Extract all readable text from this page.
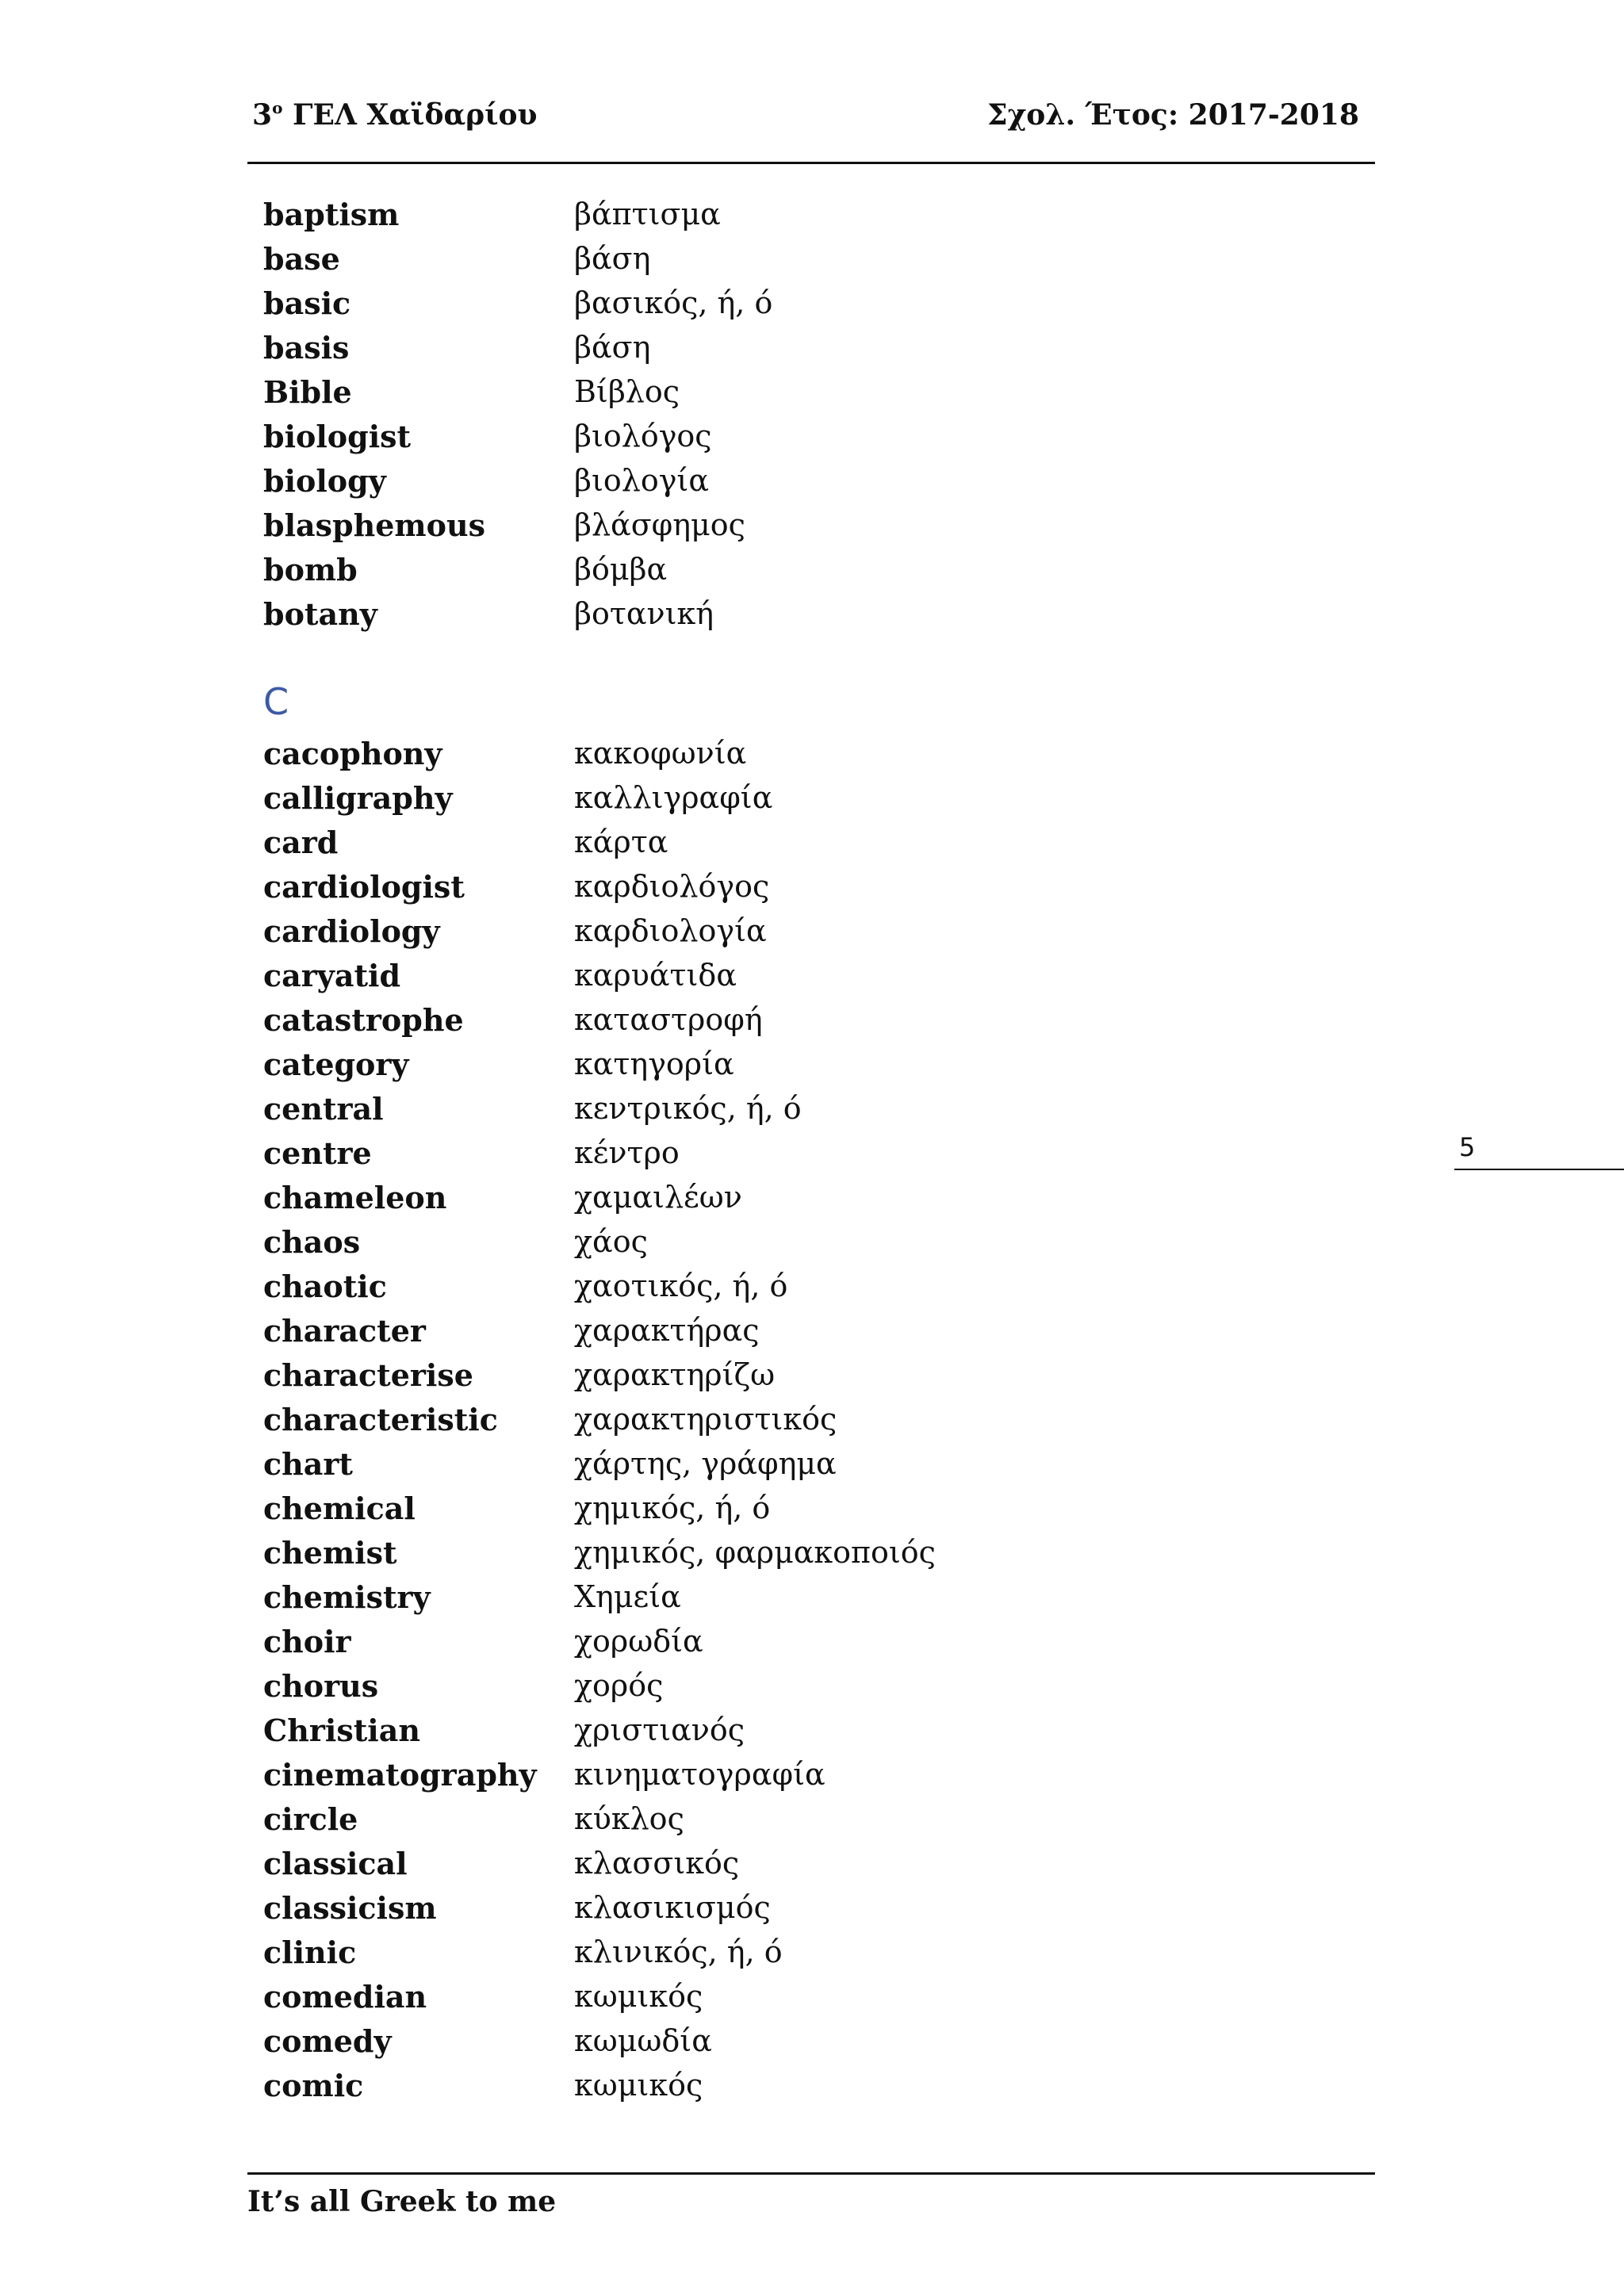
$3^o$ ΓΕΛ Χαϊδαρίου	Σχολ. Έτος: 2017-2018
baptism	βάπτισμα
base	βάση
basic	βασικός, ή, ό
basis	βάση
Bible	Βίβλος
biologist	βιολόγος
biology	βιολογία
blasphemous	βλάσφημος
bomb	βόμβα
botany	βοτανική
C
cacophony	κακοφωνία
calligraphy	καλλιγραφία
card	κάρτα
cardiologist	καρδιολόγος
cardiology	καρδιολογία
caryatid	καρυάτιδα
catastrophe	καταστροφή
category	κατηγορία
central	κεντρικός, ή, ό
centre	κέντρο
chameleon	χαμαιλέων
chaos	χάος
chaotic	χαοτικός, ή, ό
character	χαρακτήρας
characterise	χαρακτηρίζω
characteristic	χαρακτηριστικός
chart	χάρτης, γράφημα
chemical	χημικός, ή, ό
chemist	χημικός, φαρμακοποιός
chemistry	Χημεία
choir	χορωδία
chorus	χορός
Christian	χριστιανός
cinematography κινηματογραφία
circle	κύκλος
classical	κλασσικός
classicism	κλασικισμός
clinic	κλινικός, ή, ό
comedian	κωμικός
comedy	κωμωδία
comic	κωμικός
5
It’s all Greek to me
